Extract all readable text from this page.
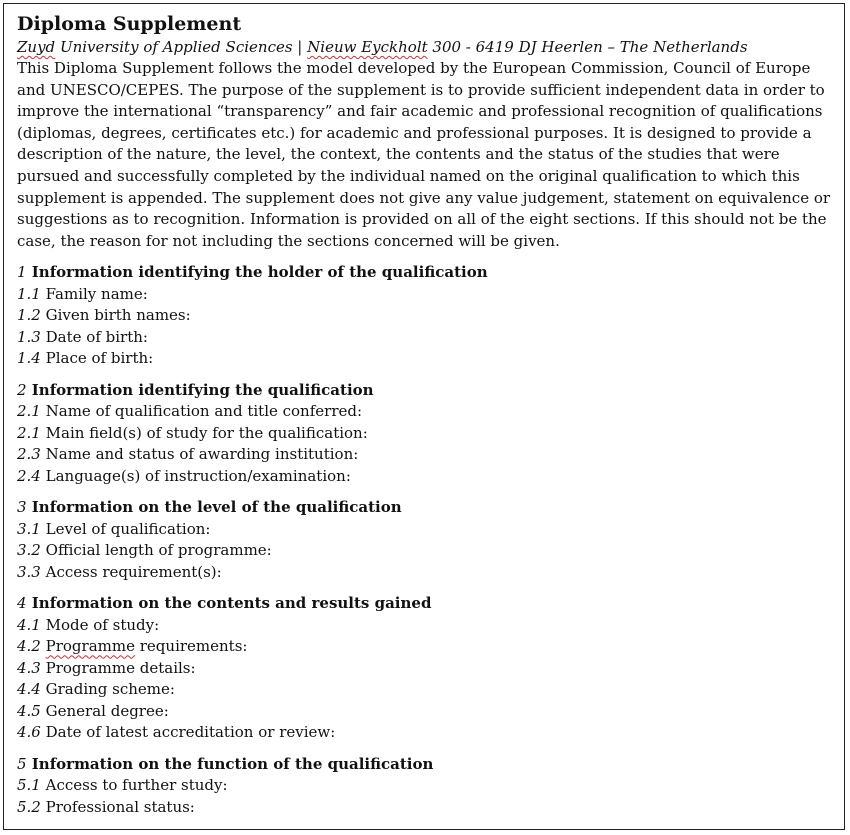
Diploma Supplement
Zuyd University of Applied Sciences | Nieuw Eyckholt 300 - 6419 DJ Heerlen – The Netherlands

This Diploma Supplement follows the model developed by the European Commission, Council of Europe and UNESCO/CEPES. The purpose of the supplement is to provide sufficient independent data in order to improve the international “transparency” and fair academic and professional recognition of qualifications (diplomas, degrees, certificates etc.) for academic and professional purposes. It is designed to provide a description of the nature, the level, the context, the contents and the status of the studies that were pursued and successfully completed by the individual named on the original qualification to which this supplement is appended. The supplement does not give any value judgement, statement on equivalence or suggestions as to recognition. Information is provided on all of the eight sections. If this should not be the case, the reason for not including the sections concerned will be given.

1 Information identifying the holder of the qualification
1.1 Family name:
1.2 Given birth names:
1.3 Date of birth:
1.4 Place of birth:
2 Information identifying the qualification
2.1 Name of qualification and title conferred:
2.1 Main field(s) of study for the qualification:
2.3 Name and status of awarding institution:
2.4 Language(s) of instruction/examination:
3 Information on the level of the qualification
3.1 Level of qualification:
3.2 Official length of programme:
3.3 Access requirement(s):
4 Information on the contents and results gained
4.1 Mode of study:
4.2 Programme requirements:
4.3 Programme details:
4.4 Grading scheme:
4.5 General degree:
4.6 Date of latest accreditation or review:
5 Information on the function of the qualification
5.1 Access to further study:
5.2 Professional status:
